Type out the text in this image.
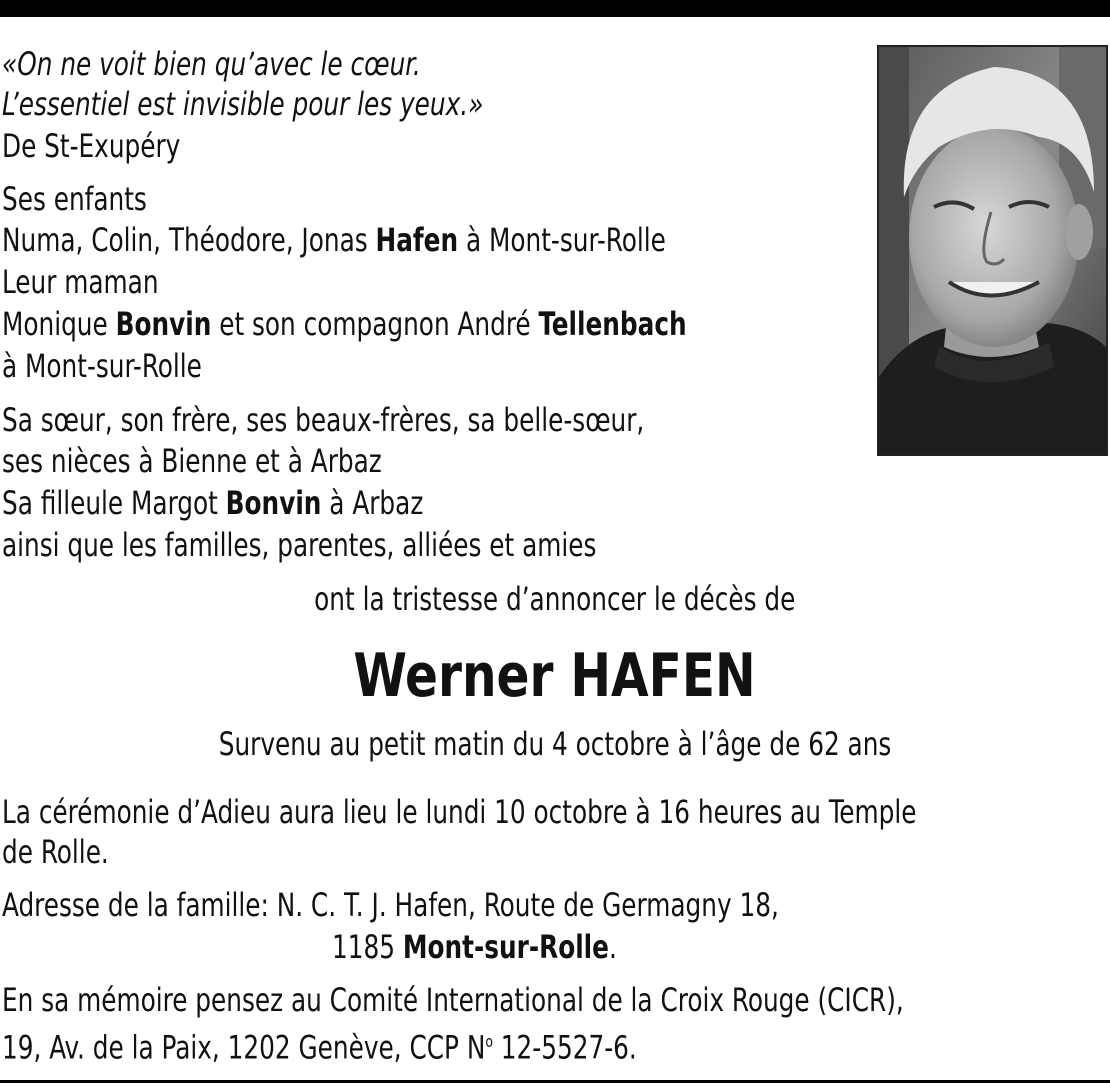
«On ne voit bien qu’avec le cœur.
L’essentiel est invisible pour les yeux.»
De St-Exupéry
Ses enfants
Numa, Colin, Théodore, Jonas Hafen à Mont-sur-Rolle
Leur maman
Monique Bonvin et son compagnon André Tellenbach
à Mont-sur-Rolle
Sa sœur, son frère, ses beaux-frères, sa belle-sœur,
ses nièces à Bienne et à Arbaz
Sa filleule Margot Bonvin à Arbaz
ainsi que les familles, parentes, alliées et amies
ont la tristesse d’annoncer le décès de
Werner HAFEN
Survenu au petit matin du 4 octobre à l’âge de 62 ans
La cérémonie d’Adieu aura lieu le lundi 10 octobre à 16 heures au Temple
de Rolle.
Adresse de la famille: N. C. T. J. Hafen, Route de Germagny 18,
1185 Mont-sur-Rolle.
En sa mémoire pensez au Comité International de la Croix Rouge (CICR),
19, Av. de la Paix, 1202 Genève, CCP $N^o$ 12-5527-6.
